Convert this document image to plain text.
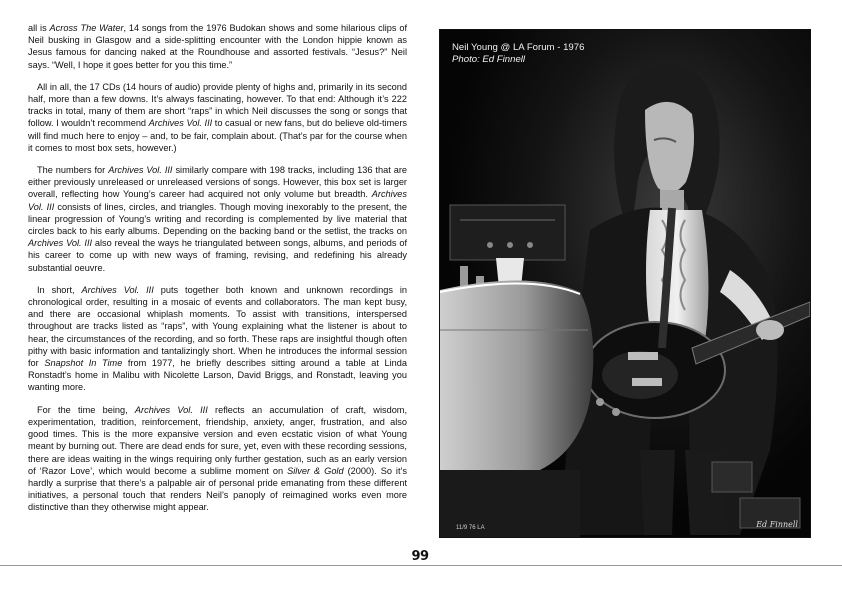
all is Across The Water, 14 songs from the 1976 Budokan shows and some hilarious clips of Neil busking in Glasgow and a side-splitting encounter with the London hippie known as Jesus famous for dancing naked at the Roundhouse and assorted festivals. “Jesus?” Neil says. “Well, I hope it goes better for you this time.”

All in all, the 17 CDs (14 hours of audio) provide plenty of highs and, primarily in its second half, more than a few downs. It’s always fascinating, however. To that end: Although it’s 222 tracks in total, many of them are short “raps” in which Neil discusses the song or songs that follow. I wouldn’t recommend Archives Vol. III to casual or new fans, but do believe old-timers will find much here to enjoy – and, to be fair, complain about. (That’s par for the course when it comes to most box sets, however.)

The numbers for Archives Vol. III similarly compare with 198 tracks, including 136 that are either previously unreleased or unreleased versions of songs. However, this box set is larger overall, reflecting how Young’s career had acquired not only volume but breadth. Archives Vol. III consists of lines, circles, and triangles. Though moving inexorably to the present, the linear progression of Young’s writing and recording is complemented by live material that circles back to his early albums. Depending on the backing band or the setlist, the tracks on Archives Vol. III also reveal the ways he triangulated between songs, albums, and periods of his career to come up with new ways of framing, revising, and redefining his already substantial oeuvre.

In short, Archives Vol. III puts together both known and unknown recordings in chronological order, resulting in a mosaic of events and collaborators. The man kept busy, and there are occasional whiplash moments. To assist with transitions, interspersed throughout are tracks listed as “raps”, with Young explaining what the listener is about to hear, the circumstances of the recording, and so forth. These raps are insightful though often pithy with basic information and tantalizingly short. When he introduces the informal session for Snapshot In Time from 1977, he briefly describes sitting around a table at Linda Ronstadt’s home in Malibu with Nicolette Larson, David Briggs, and Ronstadt, leaving you wanting more.

For the time being, Archives Vol. III reflects an accumulation of craft, wisdom, experimentation, tradition, reinforcement, friendship, anxiety, anger, frustration, and also good times. This is the more expansive version and even ecstatic vision of what Young meant by burning out. There are dead ends for sure, yet, even with these recording sessions, there are ideas waiting in the wings requiring only further gestation, such as an early version of ‘Razor Love’, which would become a sublime moment on Silver & Gold (2000). So it’s hardly a surprise that there’s a palpable air of personal pride emanating from these different initiatives, a personal touch that renders Neil’s panoply of reimagined works even more distinctive than they otherwise might appear.

Neil Young @ LA Forum - 1976
Photo: Ed Finnell
11/9 76 LA	Ed Finnell
99
